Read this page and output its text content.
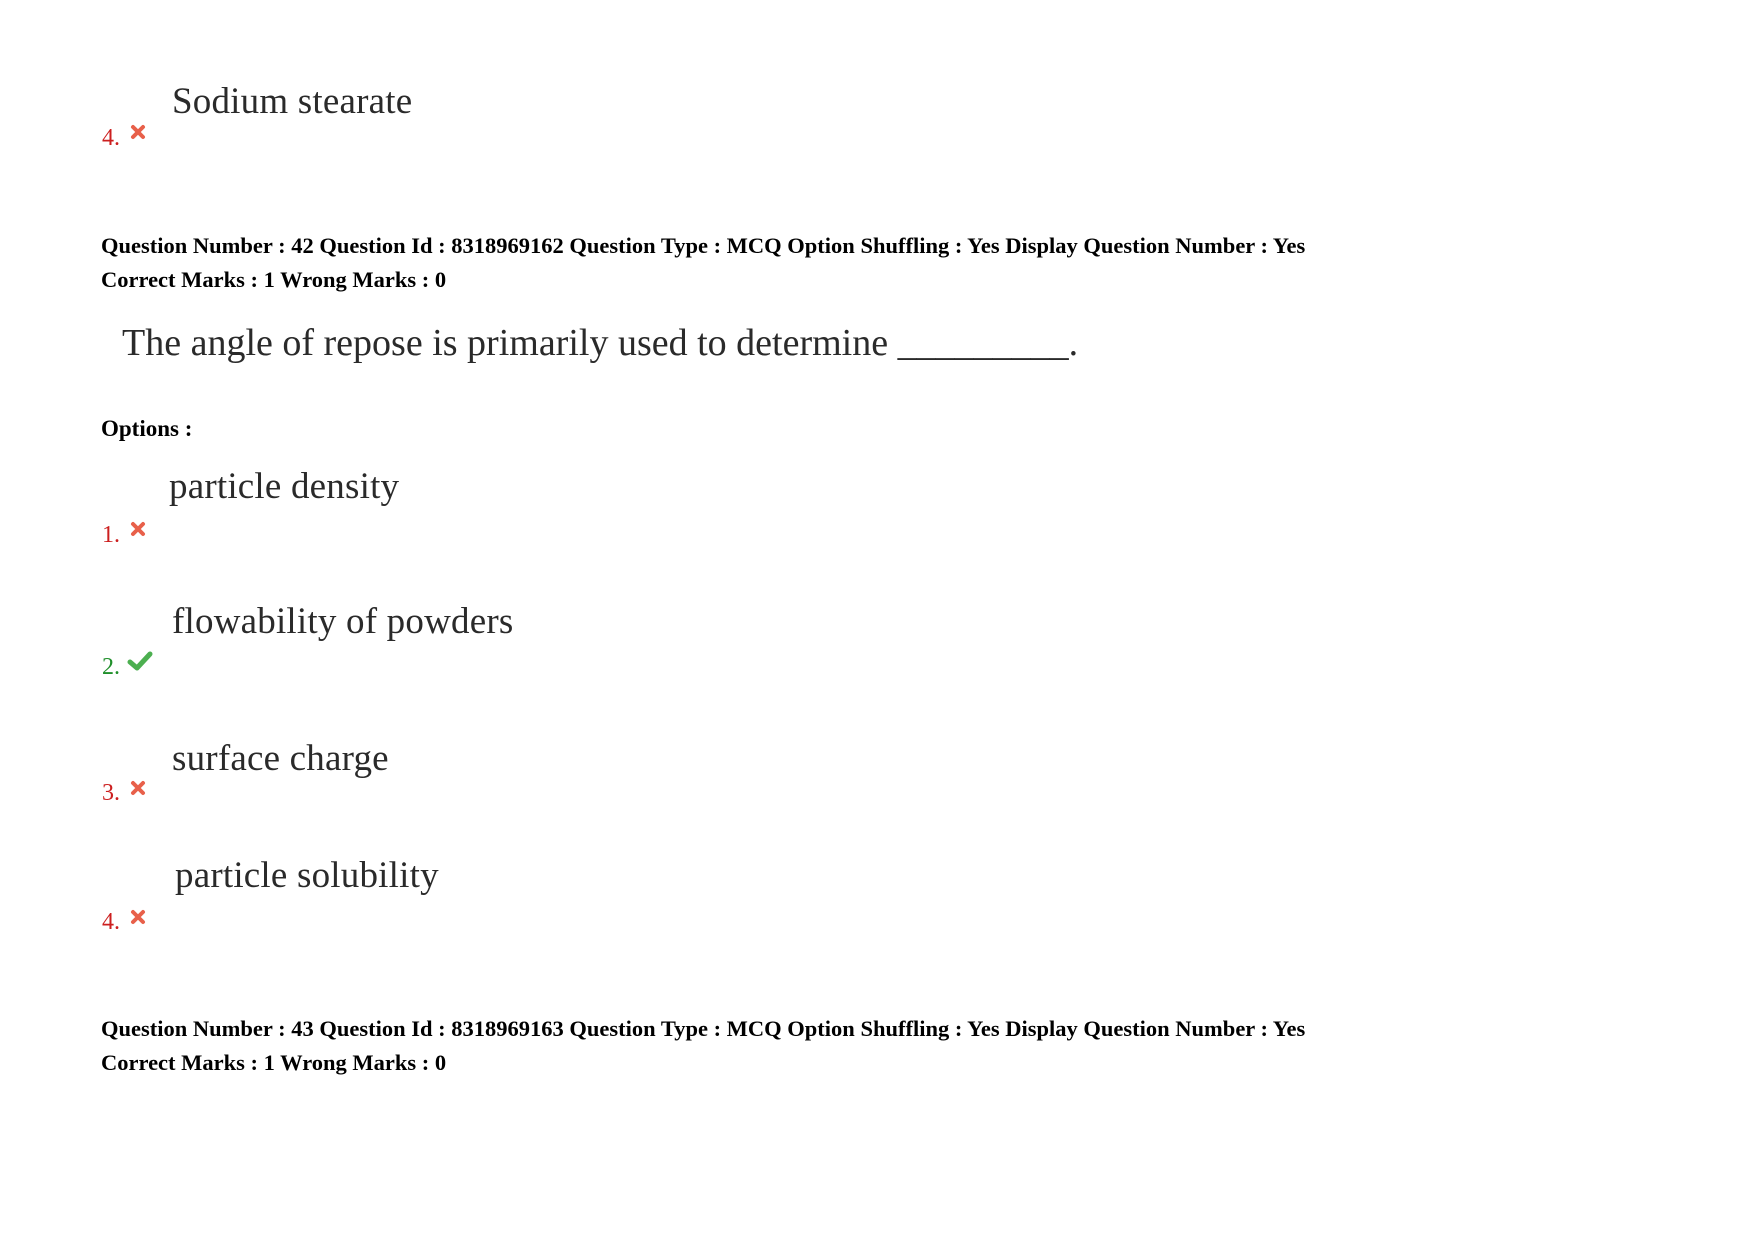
Sodium stearate
4.
Question Number : 42 Question Id : 8318969162 Question Type : MCQ Option Shuffling : Yes Display Question Number : Yes
Correct Marks : 1 Wrong Marks : 0
The angle of repose is primarily used to determine _________.
Options :
particle density
1.
flowability of powders
2.
surface charge
3.
particle solubility
4.
Question Number : 43 Question Id : 8318969163 Question Type : MCQ Option Shuffling : Yes Display Question Number : Yes
Correct Marks : 1 Wrong Marks : 0
